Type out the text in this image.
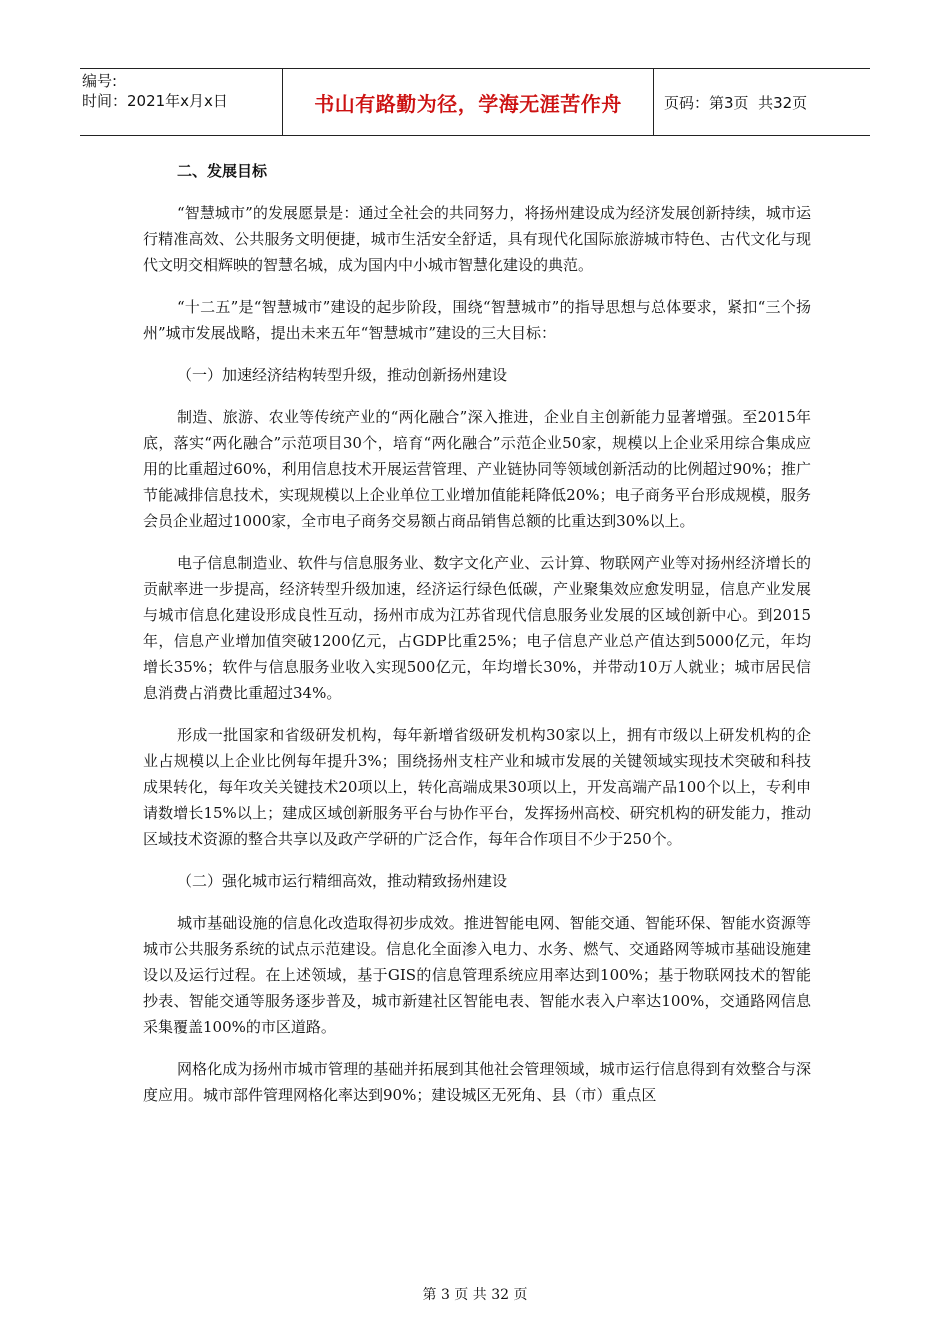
编号:
时间：2021年x月x日	书山有路勤为径，学海无涯苦作舟	页码：第3页  共32页
二、发展目标

“智慧城市”的发展愿景是：通过全社会的共同努力，将扬州建设成为经济发展创新持续，城市运行精准高效、公共服务文明便捷，城市生活安全舒适，具有现代化国际旅游城市特色、古代文化与现代文明交相辉映的智慧名城，成为国内中小城市智慧化建设的典范。

“十二五”是“智慧城市”建设的起步阶段，围绕“智慧城市”的指导思想与总体要求，紧扣“三个扬州”城市发展战略，提出未来五年“智慧城市”建设的三大目标：

（一）加速经济结构转型升级，推动创新扬州建设

制造、旅游、农业等传统产业的“两化融合”深入推进，企业自主创新能力显著增强。至2015年底，落实“两化融合”示范项目30个，培育“两化融合”示范企业50家，规模以上企业采用综合集成应用的比重超过60%，利用信息技术开展运营管理、产业链协同等领域创新活动的比例超过90%；推广节能减排信息技术，实现规模以上企业单位工业增加值能耗降低20%；电子商务平台形成规模，服务会员企业超过1000家，全市电子商务交易额占商品销售总额的比重达到30%以上。

电子信息制造业、软件与信息服务业、数字文化产业、云计算、物联网产业等对扬州经济增长的贡献率进一步提高，经济转型升级加速，经济运行绿色低碳，产业聚集效应愈发明显，信息产业发展与城市信息化建设形成良性互动，扬州市成为江苏省现代信息服务业发展的区域创新中心。到2015年，信息产业增加值突破1200亿元，占GDP比重25%；电子信息产业总产值达到5000亿元，年均增长35%；软件与信息服务业收入实现500亿元，年均增长30%，并带动10万人就业；城市居民信息消费占消费比重超过34%。

形成一批国家和省级研发机构，每年新增省级研发机构30家以上，拥有市级以上研发机构的企业占规模以上企业比例每年提升3%；围绕扬州支柱产业和城市发展的关键领域实现技术突破和科技成果转化，每年攻关关键技术20项以上，转化高端成果30项以上，开发高端产品100个以上，专利申请数增长15%以上；建成区域创新服务平台与协作平台，发挥扬州高校、研究机构的研发能力，推动区域技术资源的整合共享以及政产学研的广泛合作，每年合作项目不少于250个。

（二）强化城市运行精细高效，推动精致扬州建设

城市基础设施的信息化改造取得初步成效。推进智能电网、智能交通、智能环保、智能水资源等城市公共服务系统的试点示范建设。信息化全面渗入电力、水务、燃气、交通路网等城市基础设施建设以及运行过程。在上述领域，基于GIS的信息管理系统应用率达到100%；基于物联网技术的智能抄表、智能交通等服务逐步普及，城市新建社区智能电表、智能水表入户率达100%，交通路网信息采集覆盖100%的市区道路。

网格化成为扬州市城市管理的基础并拓展到其他社会管理领域，城市运行信息得到有效整合与深度应用。城市部件管理网格化率达到90%；建设城区无死角、县（市）重点区

第 3 页 共 32 页
